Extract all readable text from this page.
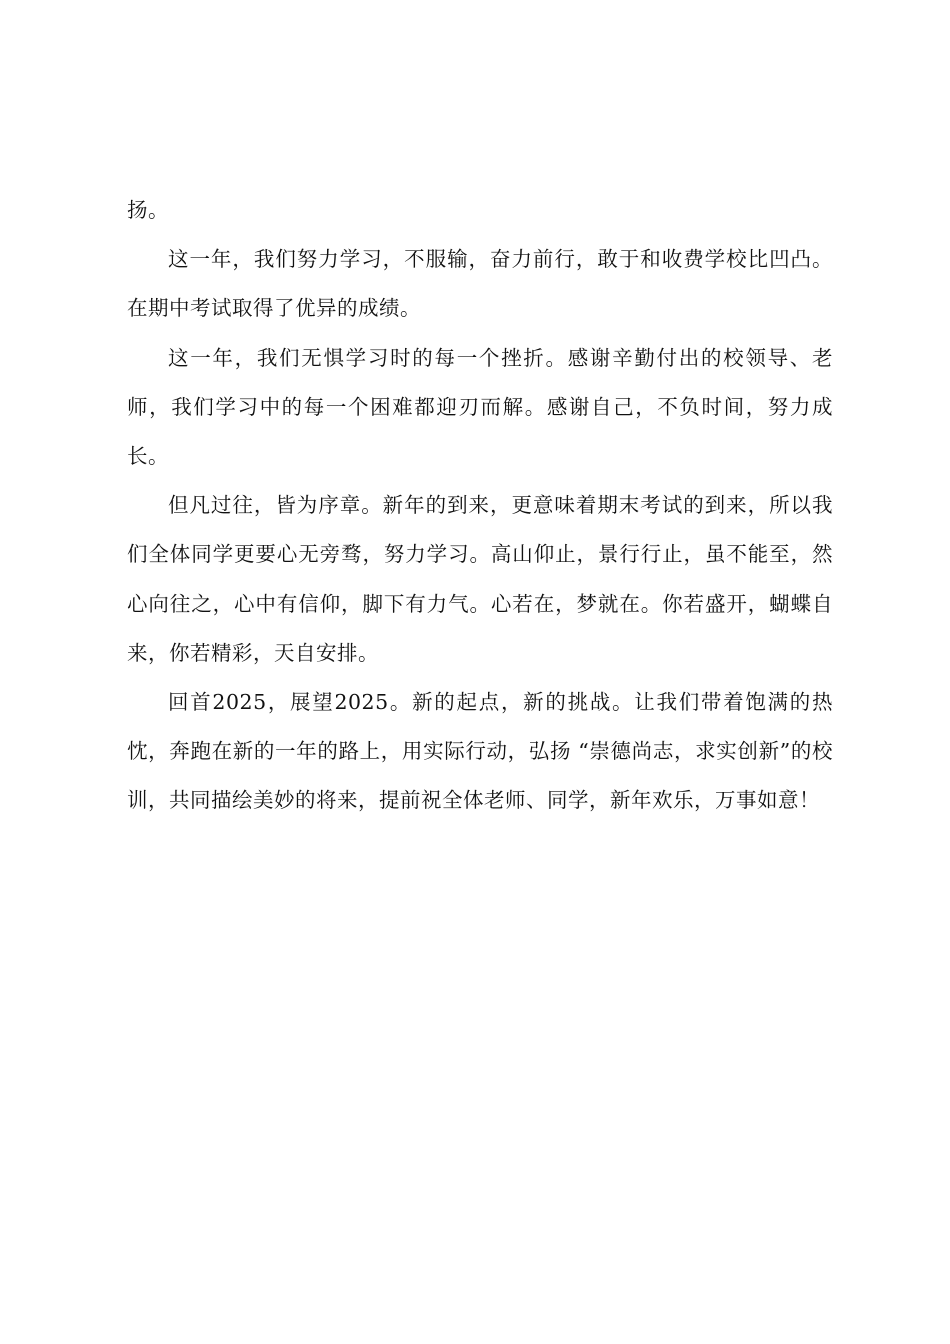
扬。

这一年，我们努力学习，不服输，奋力前行，敢于和收费学校比凹凸。在期中考试取得了优异的成绩。

这一年，我们无惧学习时的每一个挫折。感谢辛勤付出的校领导、老师，我们学习中的每一个困难都迎刃而解。感谢自己，不负时间，努力成长。

但凡过往，皆为序章。新年的到来，更意味着期末考试的到来，所以我们全体同学更要心无旁骛，努力学习。高山仰止，景行行止，虽不能至，然心向往之，心中有信仰，脚下有力气。心若在，梦就在。你若盛开，蝴蝶自来，你若精彩，天自安排。

回首2025，展望2025。新的起点，新的挑战。让我们带着饱满的热忱，奔跑在新的一年的路上，用实际行动，弘扬 “崇德尚志，求实创新”的校训，共同描绘美妙的将来，提前祝全体老师、同学，新年欢乐，万事如意！
